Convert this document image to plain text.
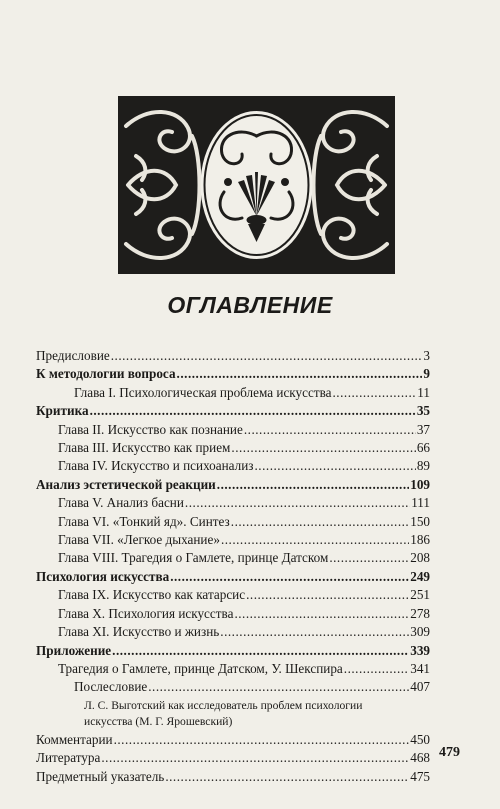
ОГЛАВЛЕНИЕ
Предисловие .....	3
К методологии вопроса .....	9
Глава I. Психологическая проблема искусства .....	11
Критика .....	35
Глава II. Искусство как познание .....	37
Глава III. Искусство как прием .....	66
Глава IV. Искусство и психоанализ .....	89
Анализ эстетической реакции .....	109
Глава V. Анализ басни .....	111
Глава VI. «Тонкий яд». Синтез .....	150
Глава VII. «Легкое дыхание» .....	186
Глава VIII. Трагедия о Гамлете, принце Датском .....	208
Психология искусства .....	249
Глава IX. Искусство как катарсис .....	251
Глава X. Психология искусства .....	278
Глава XI. Искусство и жизнь .....	309
Приложение .....	339
Трагедия о Гамлете, принце Датском, У. Шекспира .....	341
Послесловие .....	407
Л. С. Выготский как исследователь проблем психологии искусства (М. Г. Ярошевский)
Комментарии .....	450
Литература .....	468
Предметный указатель .....	475
479
